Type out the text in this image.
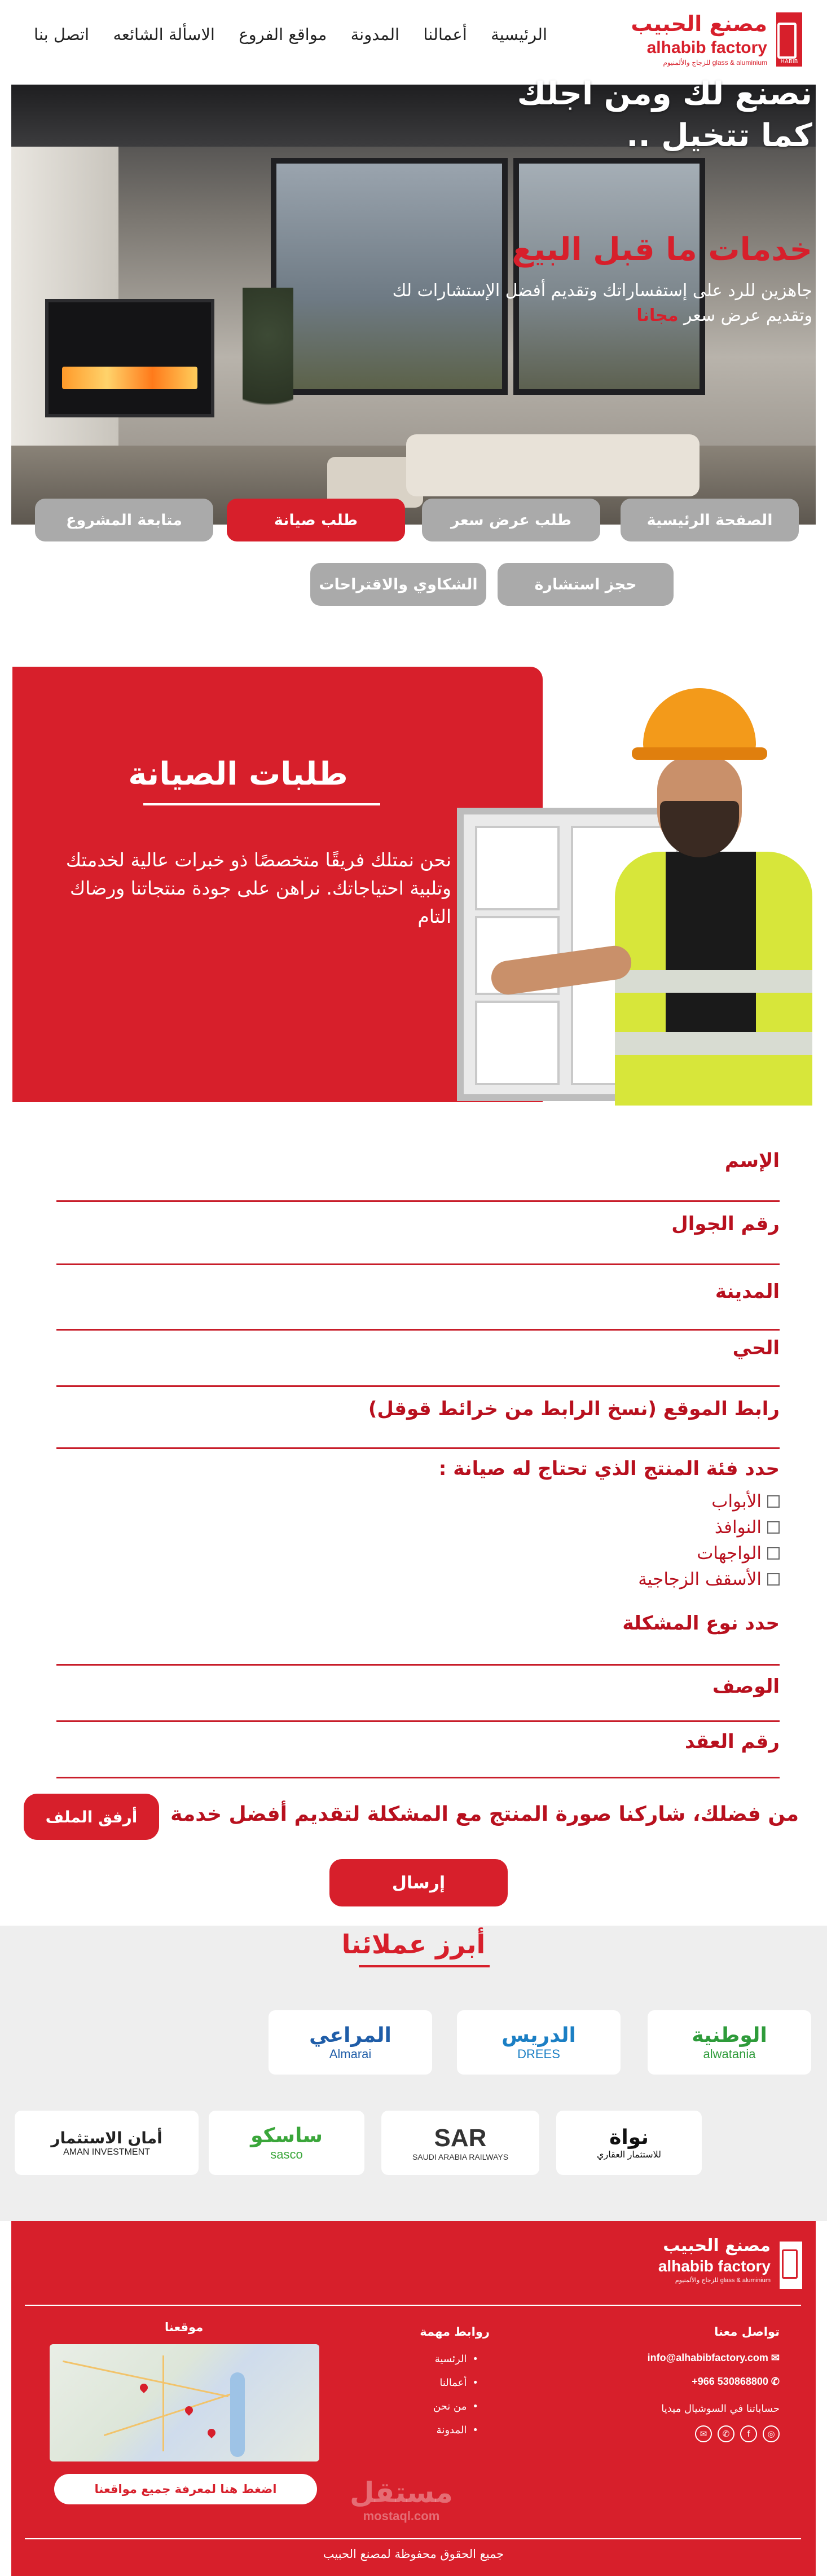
HABIB
مصنع الحبيب
alhabib factory
glass & aluminium للزجاج والألمنيوم
الرئيسية
أعمالنا
المدونة
مواقع الفروع
الاسألة الشائعه
اتصل بنا
نصنع لك ومن اجلك
كما تتخيل ..
خدمات ما قبل البيع
جاهزين للرد على إستفساراتك وتقديم أفضل الإستشارات لك
وتقديم عرض سعر مجانا
الصفحة الرئيسية
طلب عرض سعر
طلب صيانة
متابعة المشروع
حجز استشارة
الشكاوي والاقتراحات
طلبات الصيانة
نحن نمتلك فريقًا متخصصًا ذو خبرات عالية لخدمتك وتلبية احتياجاتك. نراهن على جودة منتجاتنا ورضاك التام
الإسم
رقم الجوال
المدينة
الحي
رابط الموقع (نسخ الرابط من خرائط قوقل)
حدد فئة المنتج الذي تحتاج له صيانة :
الأبواب
النوافذ
الواجهات
الأسقف الزجاجية
حدد نوع المشكلة
الوصف
رقم العقد
من فضلك، شاركنا صورة المنتج مع المشكلة لتقديم أفضل خدمة
أرفق الملف
إرسال
أبرز عملائنا
الوطنية
alwatania
الدريس
DREES
المراعي
Almarai
نواة
للاستثمار العقاري
SAR
SAUDI ARABIA RAILWAYS
ساسكو
sasco
أمان الاستثمار
AMAN INVESTMENT
مصنع الحبيب
alhabib factory
glass & aluminium للزجاج والألمنيوم
تواصل معنا
✉ info@alhabibfactory.com
+966 530868800 ✆
حساباتنا في السوشيال ميديا
◎
f
✆
✉
روابط مهمة
• الرئسية
• أعمالنا
• من نحن
• المدونة
موقعنا
اضغط هنا لمعرفة جميع مواقعنا	مستقل
mostaql.com
جميع الحقوق محفوظة لمصنع الحبيب
